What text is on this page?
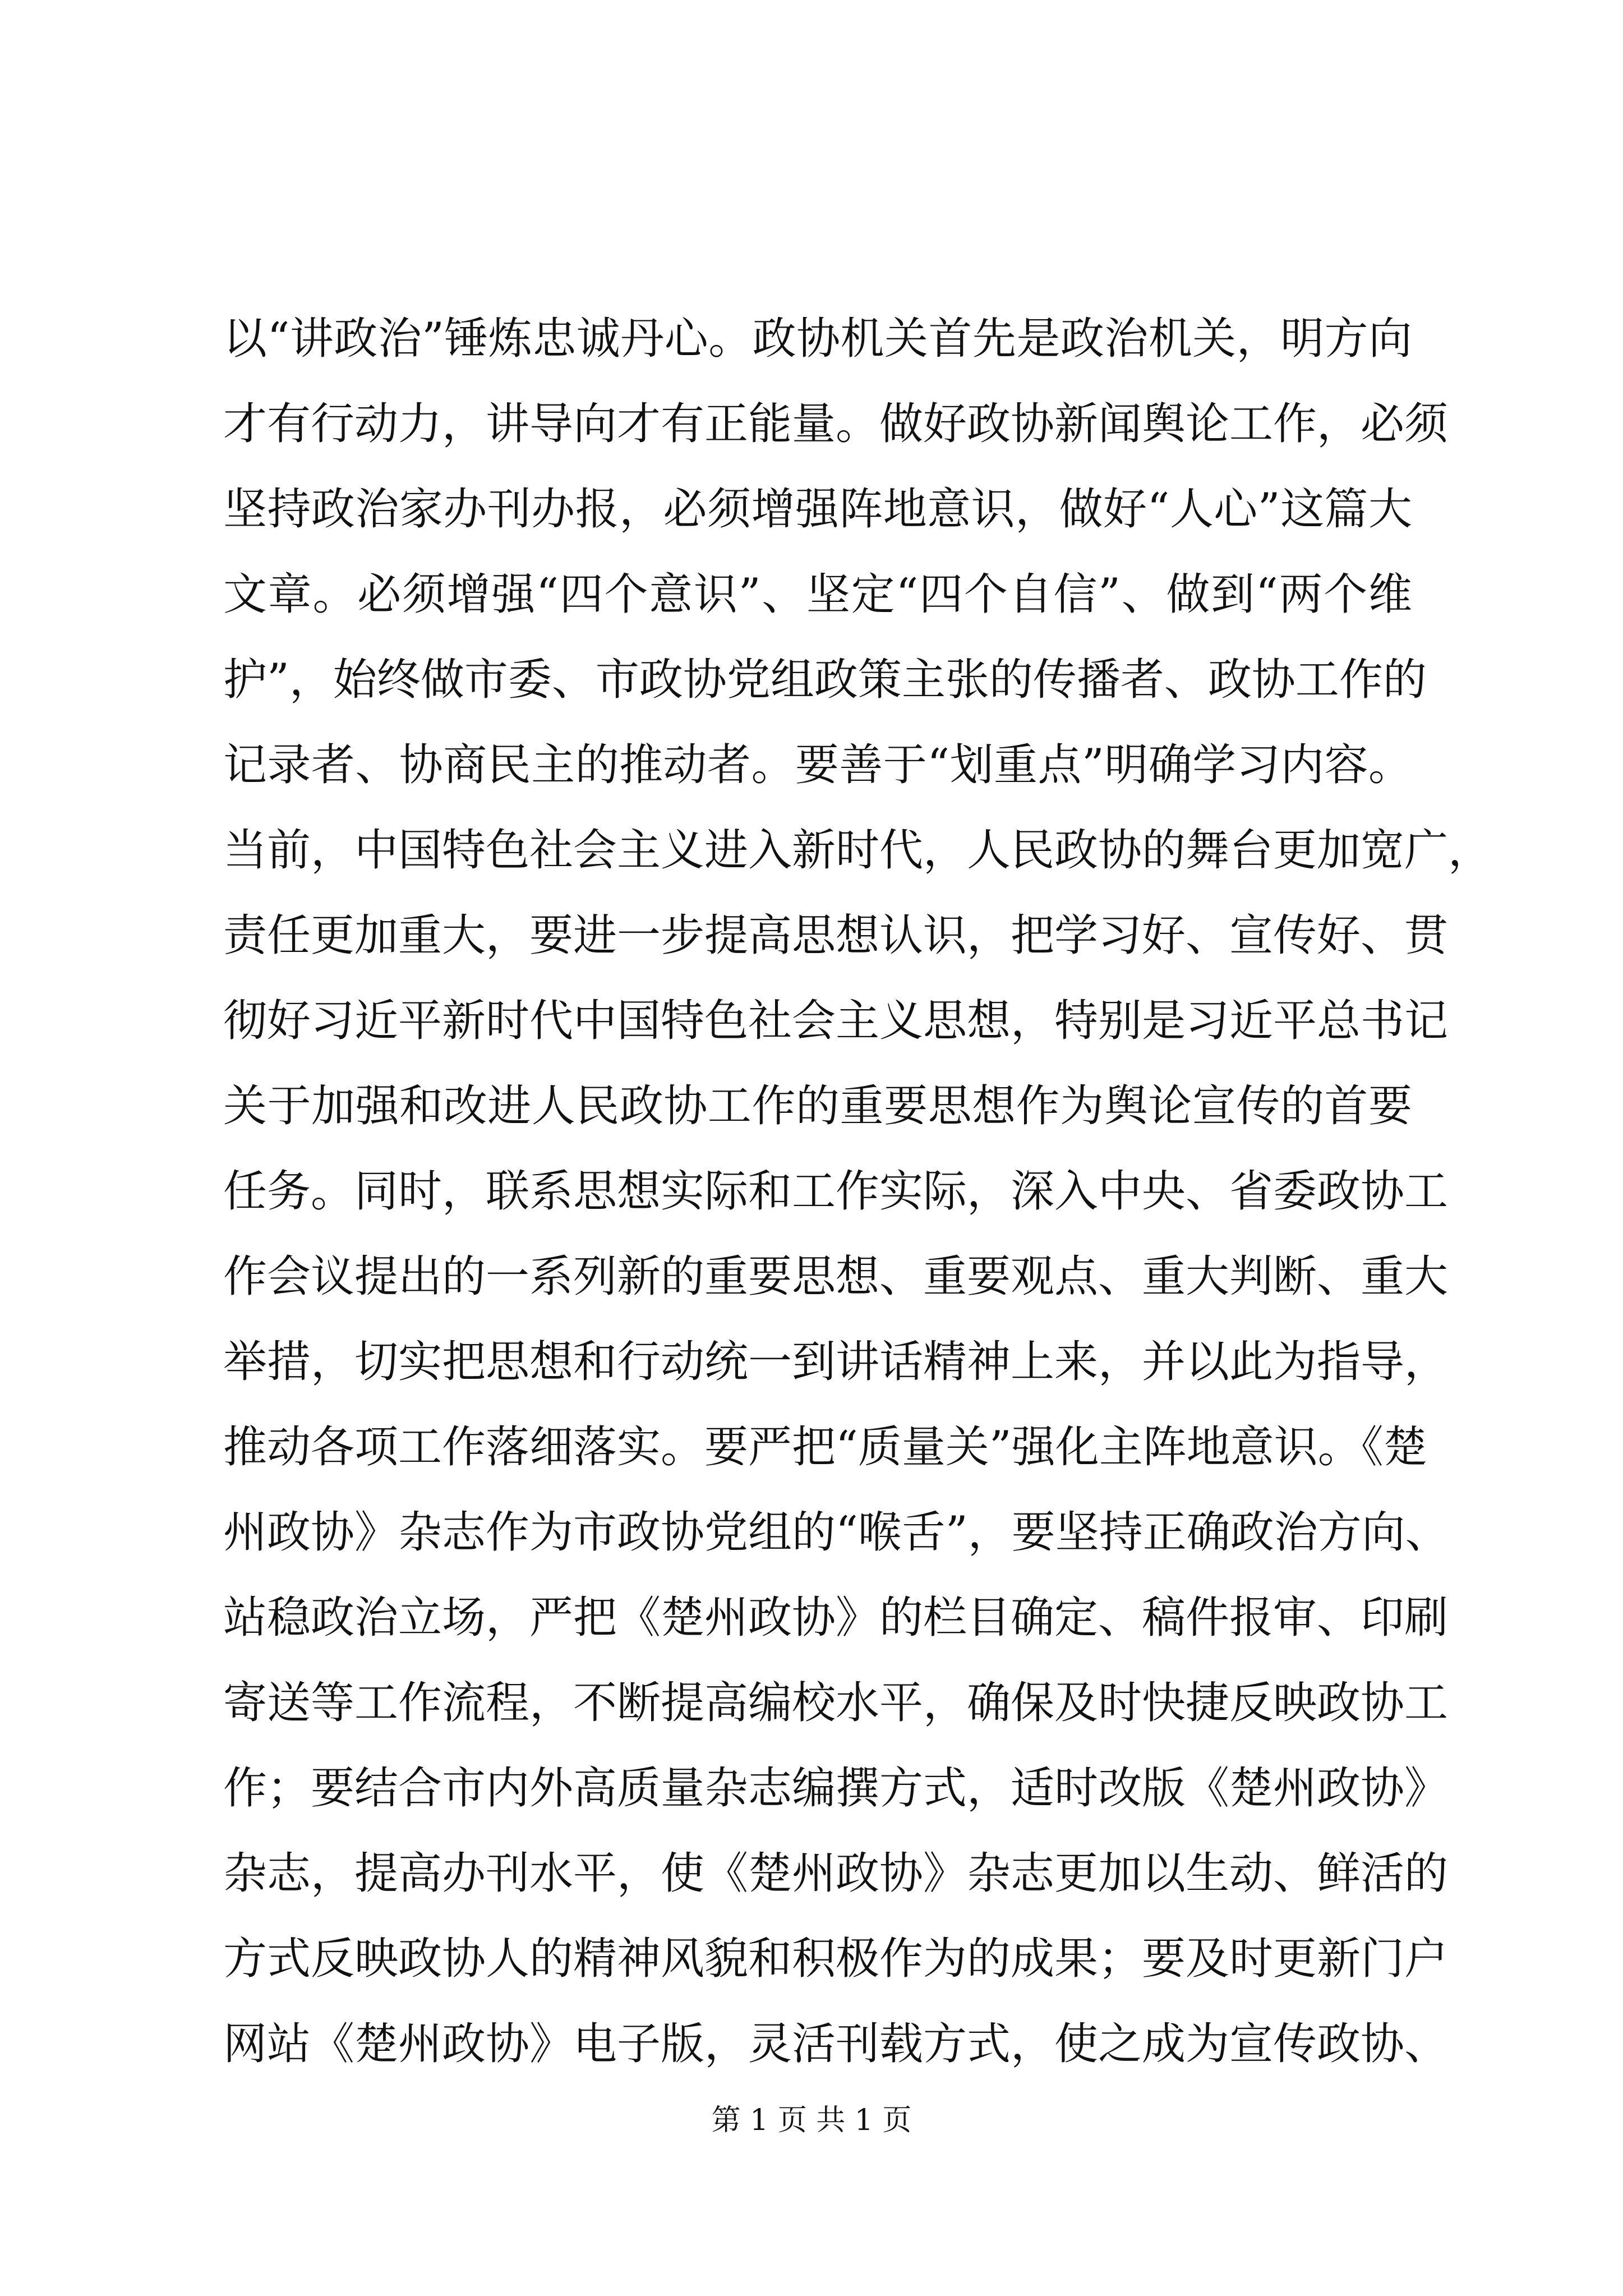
以“讲政治”锤炼忠诚丹心。政协机关首先是政治机关，明方向
才有行动力，讲导向才有正能量。做好政协新闻舆论工作，必须
坚持政治家办刊办报，必须增强阵地意识，做好“人心”这篇大
文章。必须增强“四个意识”、坚定“四个自信”、做到“两个维
护”，始终做市委、市政协党组政策主张的传播者、政协工作的
记录者、协商民主的推动者。要善于“划重点”明确学习内容。
当前，中国特色社会主义进入新时代，人民政协的舞台更加宽广，
责任更加重大，要进一步提高思想认识，把学习好、宣传好、贯
彻好习近平新时代中国特色社会主义思想，特别是习近平总书记
关于加强和改进人民政协工作的重要思想作为舆论宣传的首要
任务。同时，联系思想实际和工作实际，深入中央、省委政协工
作会议提出的一系列新的重要思想、重要观点、重大判断、重大
举措，切实把思想和行动统一到讲话精神上来，并以此为指导，
推动各项工作落细落实。要严把“质量关”强化主阵地意识。《楚
州政协》杂志作为市政协党组的“喉舌”，要坚持正确政治方向、
站稳政治立场，严把《楚州政协》的栏目确定、稿件报审、印刷
寄送等工作流程，不断提高编校水平，确保及时快捷反映政协工
作；要结合市内外高质量杂志编撰方式，适时改版《楚州政协》
杂志，提高办刊水平，使《楚州政协》杂志更加以生动、鲜活的
方式反映政协人的精神风貌和积极作为的成果；要及时更新门户
网站《楚州政协》电子版，灵活刊载方式，使之成为宣传政协、
第 1 页 共 1 页
